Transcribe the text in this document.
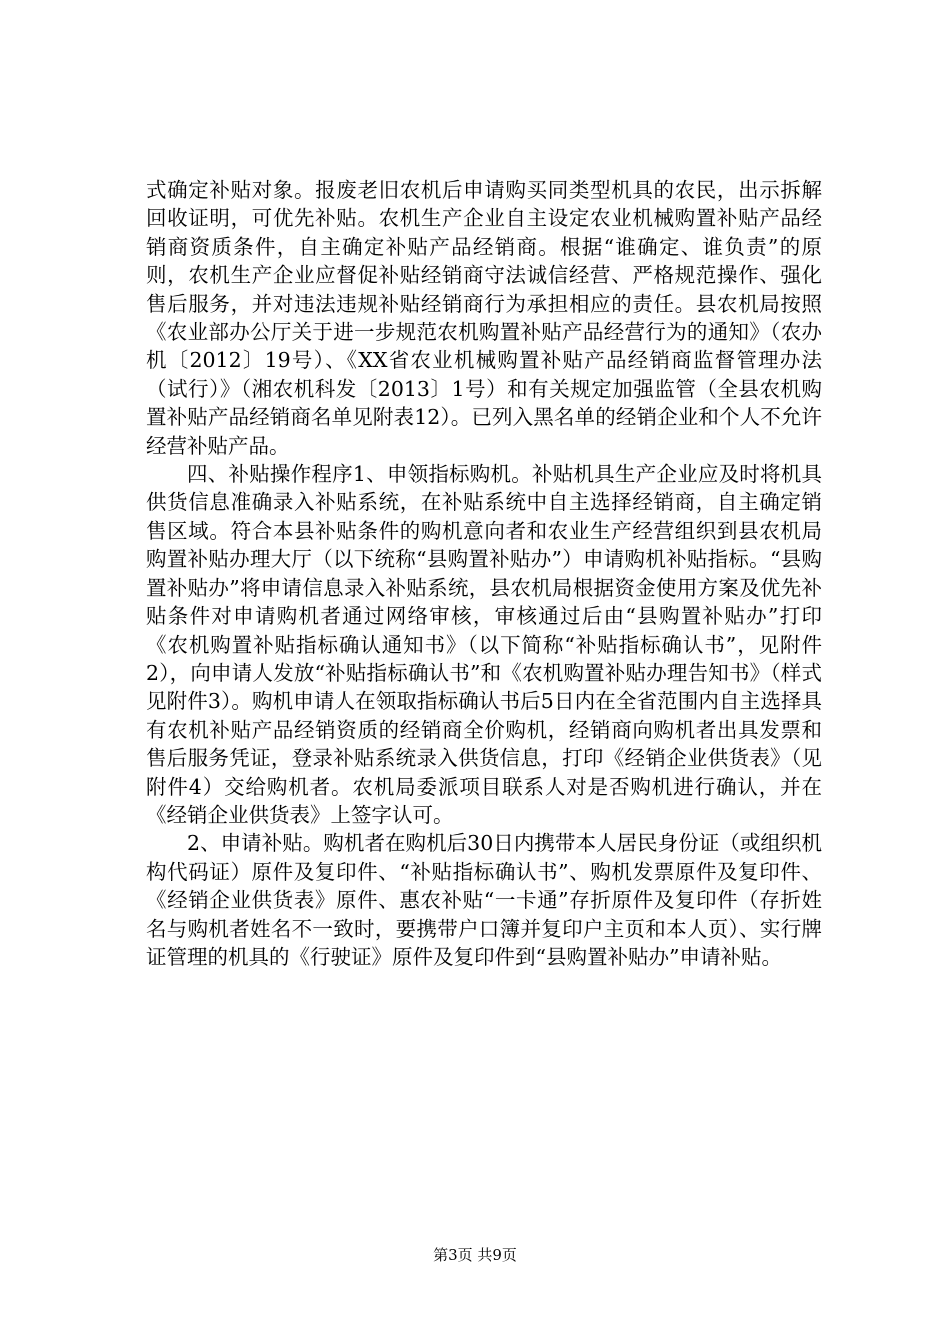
式确定补贴对象。报废老旧农机后申请购买同类型机具的农民，出示拆解回收证明，可优先补贴。农机生产企业自主设定农业机械购置补贴产品经销商资质条件，自主确定补贴产品经销商。根据“谁确定、谁负责”的原则，农机生产企业应督促补贴经销商守法诚信经营、严格规范操作、强化售后服务，并对违法违规补贴经销商行为承担相应的责任。县农机局按照《农业部办公厅关于进一步规范农机购置补贴产品经营行为的通知》（农办机〔2012〕19号）、《XX省农业机械购置补贴产品经销商监督管理办法（试行）》（湘农机科发〔2013〕1号）和有关规定加强监管（全县农机购置补贴产品经销商名单见附表12）。已列入黑名单的经销企业和个人不允许经营补贴产品。

四、补贴操作程序1、申领指标购机。补贴机具生产企业应及时将机具供货信息准确录入补贴系统，在补贴系统中自主选择经销商，自主确定销售区域。符合本县补贴条件的购机意向者和农业生产经营组织到县农机局购置补贴办理大厅（以下统称“县购置补贴办”）申请购机补贴指标。“县购置补贴办”将申请信息录入补贴系统，县农机局根据资金使用方案及优先补贴条件对申请购机者通过网络审核，审核通过后由“县购置补贴办”打印《农机购置补贴指标确认通知书》（以下简称“补贴指标确认书”，见附件2），向申请人发放“补贴指标确认书”和《农机购置补贴办理告知书》（样式见附件3）。购机申请人在领取指标确认书后5日内在全省范围内自主选择具有农机补贴产品经销资质的经销商全价购机，经销商向购机者出具发票和售后服务凭证，登录补贴系统录入供货信息，打印《经销企业供货表》（见附件4）交给购机者。农机局委派项目联系人对是否购机进行确认，并在《经销企业供货表》上签字认可。

2、申请补贴。购机者在购机后30日内携带本人居民身份证（或组织机构代码证）原件及复印件、“补贴指标确认书”、购机发票原件及复印件、《经销企业供货表》原件、惠农补贴“一卡通”存折原件及复印件（存折姓名与购机者姓名不一致时，要携带户口簿并复印户主页和本人页）、实行牌证管理的机具的《行驶证》原件及复印件到“县购置补贴办”申请补贴。

第3页 共9页
